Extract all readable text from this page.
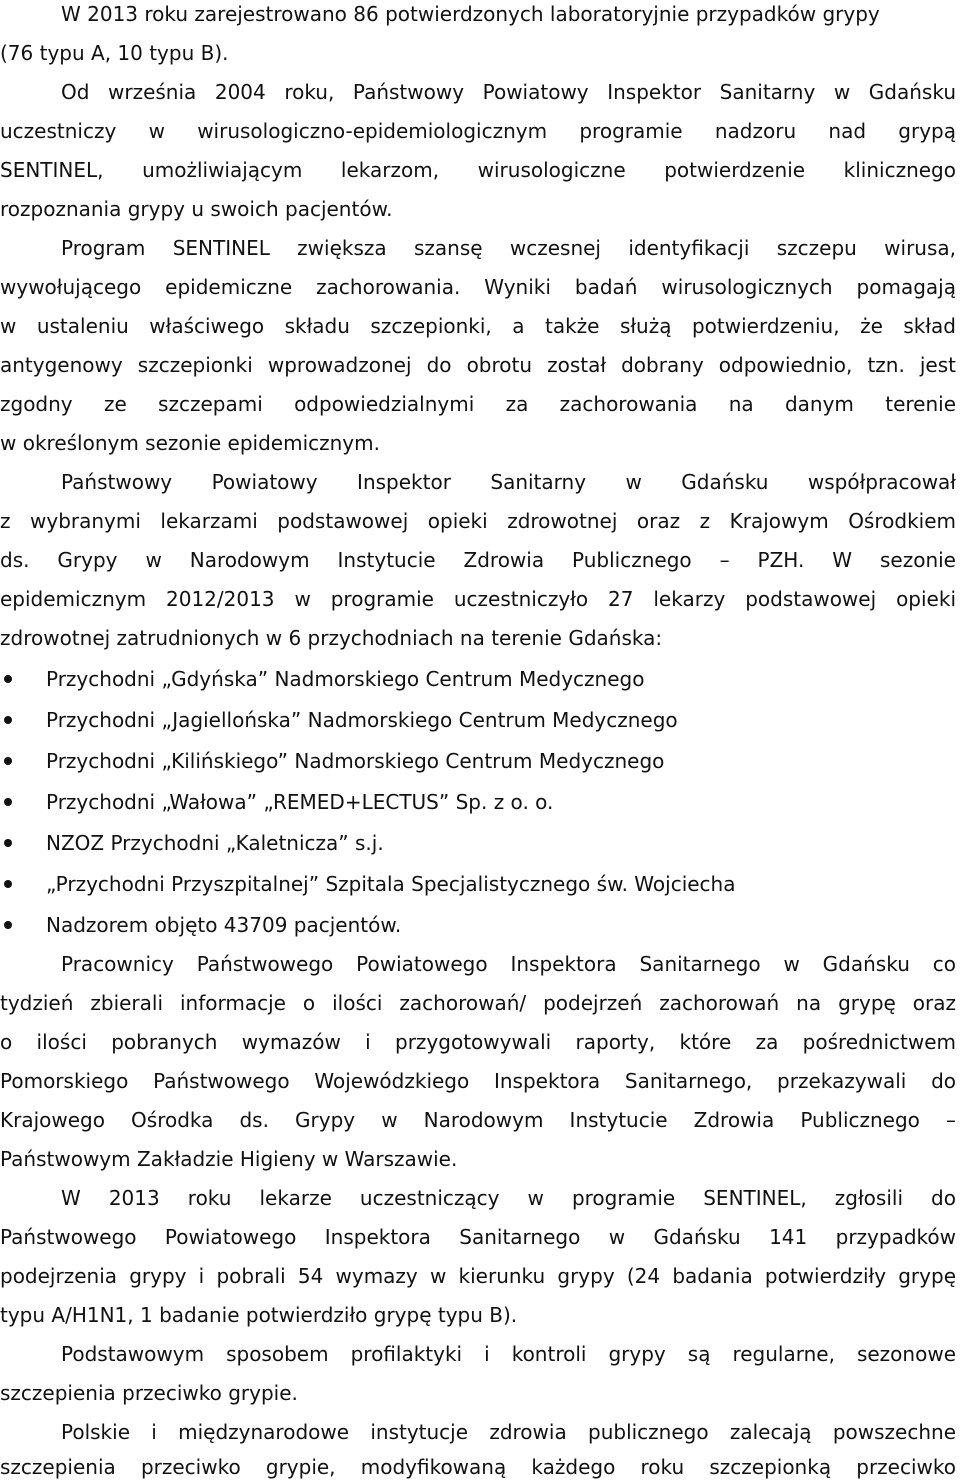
W 2013 roku zarejestrowano 86 potwierdzonych laboratoryjnie przypadków grypy
(76 typu A, 10 typu B).
Od września 2004 roku, Państwowy Powiatowy Inspektor Sanitarny w Gdańsku
uczestniczy w wirusologiczno-epidemiologicznym programie nadzoru nad grypą
SENTINEL, umożliwiającym lekarzom, wirusologiczne potwierdzenie klinicznego
rozpoznania grypy u swoich pacjentów.
Program SENTINEL zwiększa szansę wczesnej identyfikacji szczepu wirusa,
wywołującego epidemiczne zachorowania. Wyniki badań wirusologicznych pomagają
w ustaleniu właściwego składu szczepionki, a także służą potwierdzeniu, że skład
antygenowy szczepionki wprowadzonej do obrotu został dobrany odpowiednio, tzn. jest
zgodny ze szczepami odpowiedzialnymi za zachorowania na danym terenie
w określonym sezonie epidemicznym.
Państwowy Powiatowy Inspektor Sanitarny w Gdańsku współpracował
z wybranymi lekarzami podstawowej opieki zdrowotnej oraz z Krajowym Ośrodkiem
ds. Grypy w Narodowym Instytucie Zdrowia Publicznego – PZH. W sezonie
epidemicznym 2012/2013 w programie uczestniczyło 27 lekarzy podstawowej opieki
zdrowotnej zatrudnionych w 6 przychodniach na terenie Gdańska:
Przychodni „Gdyńska” Nadmorskiego Centrum Medycznego
Przychodni „Jagiellońska” Nadmorskiego Centrum Medycznego
Przychodni „Kilińskiego” Nadmorskiego Centrum Medycznego
Przychodni „Wałowa” „REMED+LECTUS” Sp. z o. o.
NZOZ Przychodni „Kaletnicza” s.j.
„Przychodni Przyszpitalnej” Szpitala Specjalistycznego św. Wojciecha
Nadzorem objęto 43709 pacjentów.
Pracownicy Państwowego Powiatowego Inspektora Sanitarnego w Gdańsku co
tydzień zbierali informacje o ilości zachorowań/ podejrzeń zachorowań na grypę oraz
o ilości pobranych wymazów i przygotowywali raporty, które za pośrednictwem
Pomorskiego Państwowego Wojewódzkiego Inspektora Sanitarnego, przekazywali do
Krajowego Ośrodka ds. Grypy w Narodowym Instytucie Zdrowia Publicznego –
Państwowym Zakładzie Higieny w Warszawie.
W 2013 roku lekarze uczestniczący w programie SENTINEL, zgłosili do
Państwowego Powiatowego Inspektora Sanitarnego w Gdańsku 141 przypadków
podejrzenia grypy i pobrali 54 wymazy w kierunku grypy (24 badania potwierdziły grypę
typu A/H1N1, 1 badanie potwierdziło grypę typu B).
Podstawowym sposobem profilaktyki i kontroli grypy są regularne, sezonowe
szczepienia przeciwko grypie.
Polskie i międzynarodowe instytucje zdrowia publicznego zalecają powszechne
szczepienia przeciwko grypie, modyfikowaną każdego roku szczepionką przeciwko
